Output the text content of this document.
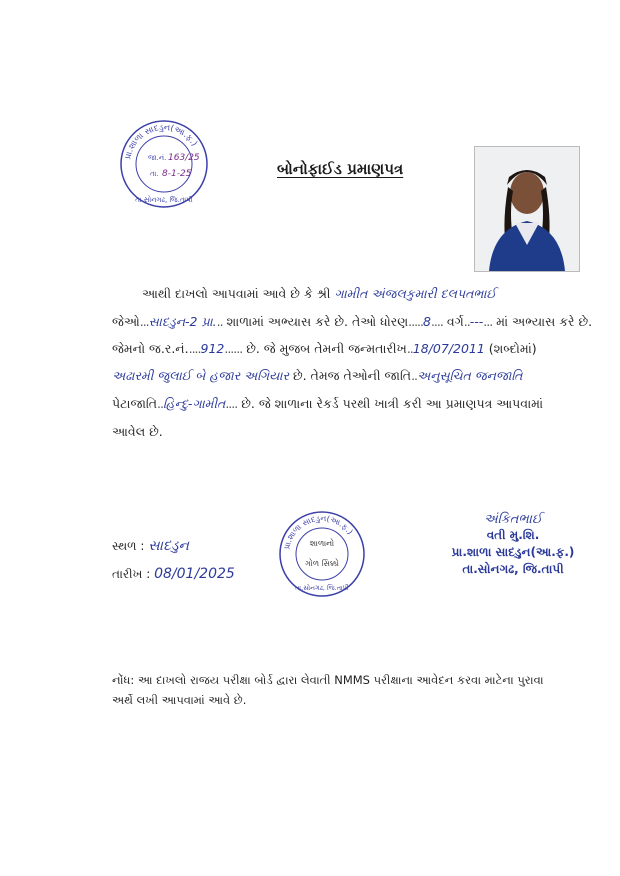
પ્રા.શાળા સાદડુન(આ.ફ.)
તા.સોનગઢ, જિ.તાપી
જા.નં. 163/25
તા. 8-1-25	બોનોફાઈડ પ્રમાણપત્ર
આથી દાખલો આપવામાં આવે છે કે શ્રી ગામીત અંજલકુમારી દલપતભાઈ
જેઓ...સાદડુન-2 પ્રા... શાળામાં અભ્યાસ કરે છે. તેઓ ધોરણ.....8.... વર્ગ..---... માં અભ્યાસ કરે છે.
જેમનો જ.ર.નં.....912...... છે. જે મુજબ તેમની જન્મતારીખ..18/07/2011 (શબ્દોમાં)
અઢારમી જુલાઈ બે હજાર અગિયાર છે. તેમજ તેઓની જાતિ..અનુસૂચિત જનજાતિ
પેટાજાતિ..હિન્દુ-ગામીત.... છે. જે શાળાના રેકર્ડ પરથી ખાત્રી કરી આ પ્રમાણપત્ર આપવામાં
આવેલ છે.
સ્થળ : સાદડુન
તારીખ : 08/01/2025
પ્રા.શાળા સાદડુન(આ.ફ.)
શાળાનો
ગોળ સિક્કો
તા.સોનગઢ, જિ.તાપી
અંકિતભાઈ
વતી મુ.શિ.
પ્રા.શાળા સાદડુન(આ.ફ.)
તા.સોનગઢ, જિ.તાપી
નોંધ: આ દાખલો રાજય પરીક્ષા બોર્ડ દ્વારા લેવાતી NMMS પરીક્ષાના આવેદન કરવા માટેના પુરાવા અર્થે લખી આપવામાં આવે છે.
